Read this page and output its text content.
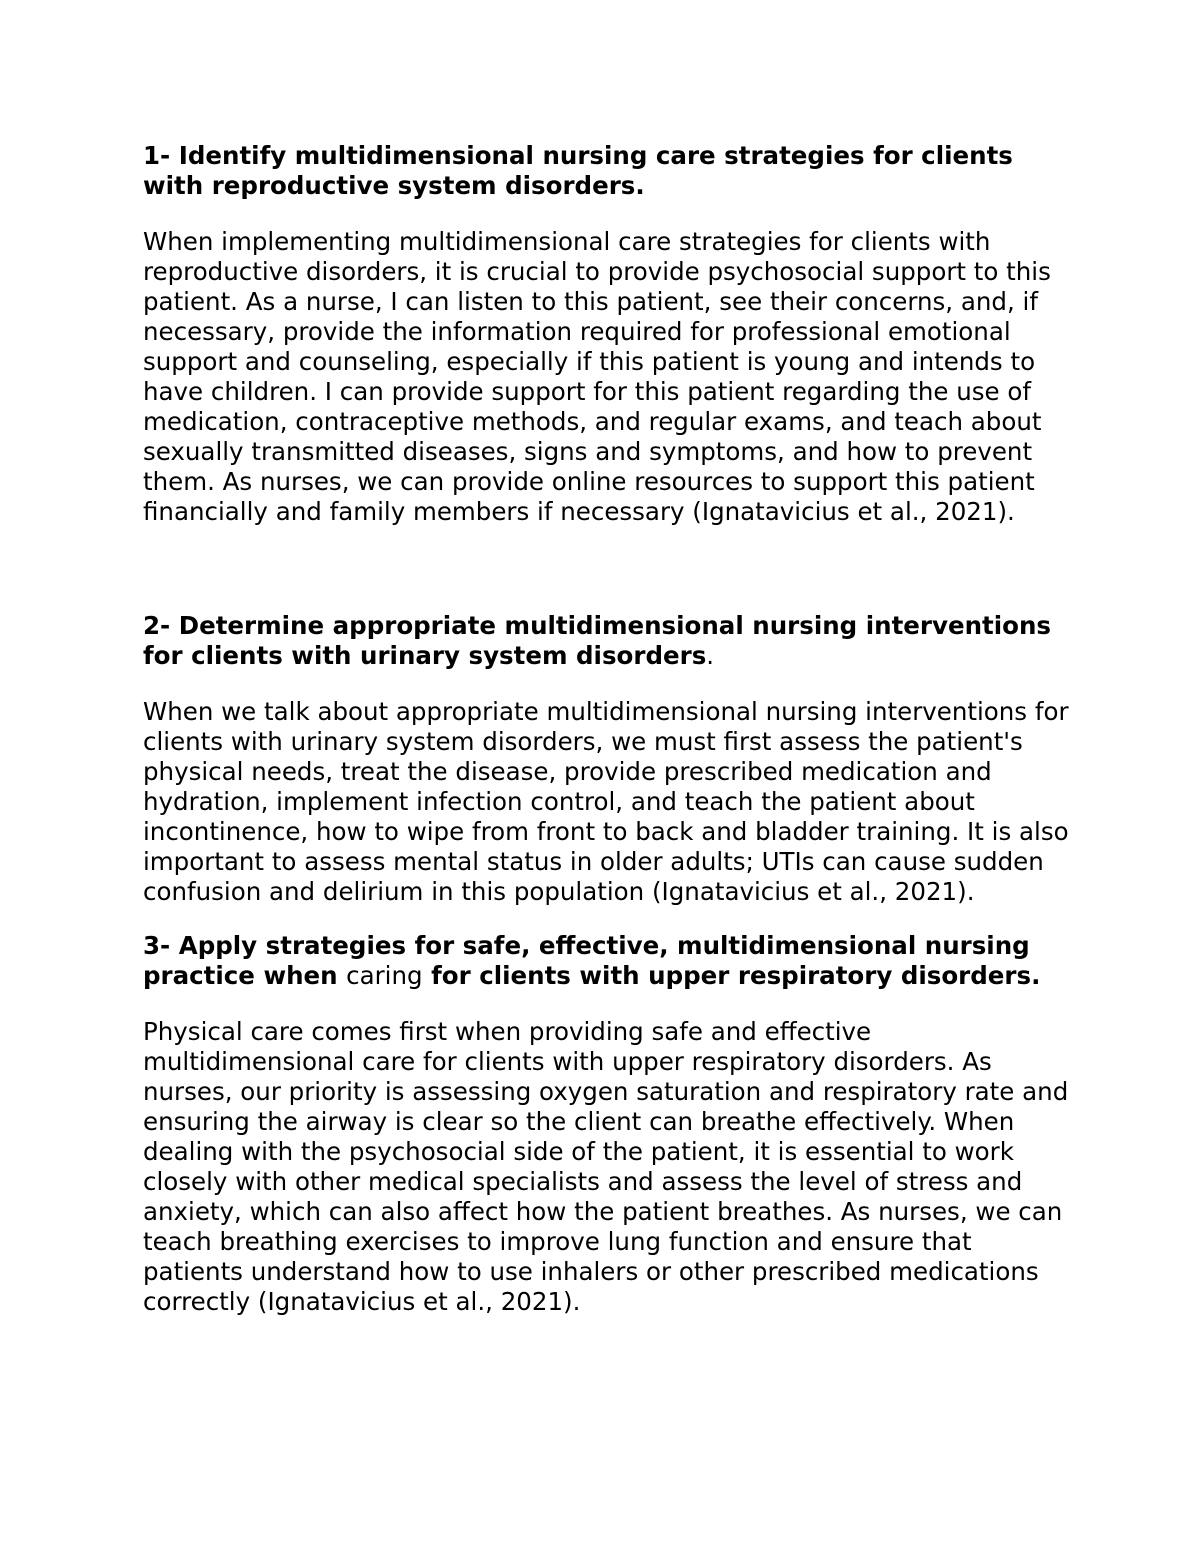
1- Identify multidimensional nursing care strategies for clients with reproductive system disorders.

When implementing multidimensional care strategies for clients with reproductive disorders, it is crucial to provide psychosocial support to this patient. As a nurse, I can listen to this patient, see their concerns, and, if necessary, provide the information required for professional emotional support and counseling, especially if this patient is young and intends to have children. I can provide support for this patient regarding the use of medication, contraceptive methods, and regular exams, and teach about sexually transmitted diseases, signs and symptoms, and how to prevent them. As nurses, we can provide online resources to support this patient financially and family members if necessary (Ignatavicius et al., 2021).

2- Determine appropriate multidimensional nursing interventions for clients with urinary system disorders.

When we talk about appropriate multidimensional nursing interventions for clients with urinary system disorders, we must first assess the patient's physical needs, treat the disease, provide prescribed medication and hydration, implement infection control, and teach the patient about incontinence, how to wipe from front to back and bladder training. It is also important to assess mental status in older adults; UTIs can cause sudden confusion and delirium in this population (Ignatavicius et al., 2021).

3- Apply strategies for safe, effective, multidimensional nursing practice when caring for clients with upper respiratory disorders.

Physical care comes first when providing safe and effective multidimensional care for clients with upper respiratory disorders. As nurses, our priority is assessing oxygen saturation and respiratory rate and ensuring the airway is clear so the client can breathe effectively. When dealing with the psychosocial side of the patient, it is essential to work closely with other medical specialists and assess the level of stress and anxiety, which can also affect how the patient breathes. As nurses, we can teach breathing exercises to improve lung function and ensure that patients understand how to use inhalers or other prescribed medications correctly (Ignatavicius et al., 2021).
